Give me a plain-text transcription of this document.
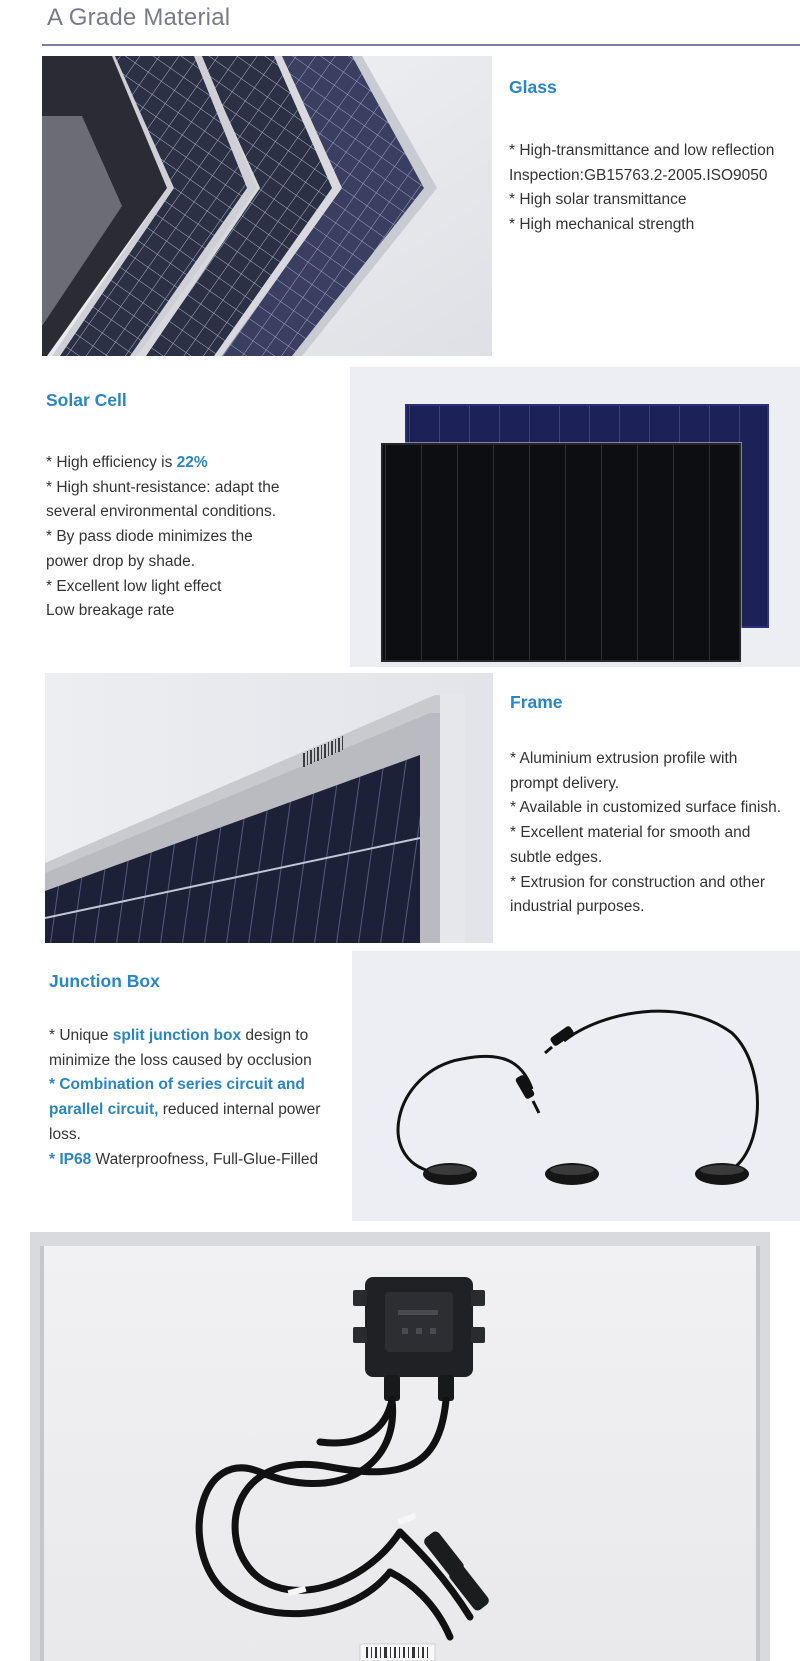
A Grade Material
Glass

* High-transmittance and low reflection

Inspection:GB15763.2-2005.ISO9050

* High solar transmittance

* High mechanical strength

Solar Cell

* High efficiency is 22%

* High shunt-resistance: adapt the

several environmental conditions.

* By pass diode minimizes the

power drop by shade.

* Excellent low light effect

Low breakage rate

Frame

* Aluminium extrusion profile with

prompt delivery.

* Available in customized surface finish.

* Excellent material for smooth and

subtle edges.

* Extrusion for construction and other

industrial purposes.

Junction Box

* Unique split junction box design to

minimize the loss caused by occlusion

* Combination of series circuit and

parallel circuit, reduced internal power

loss.

* IP68 Waterproofness, Full-Glue-Filled
